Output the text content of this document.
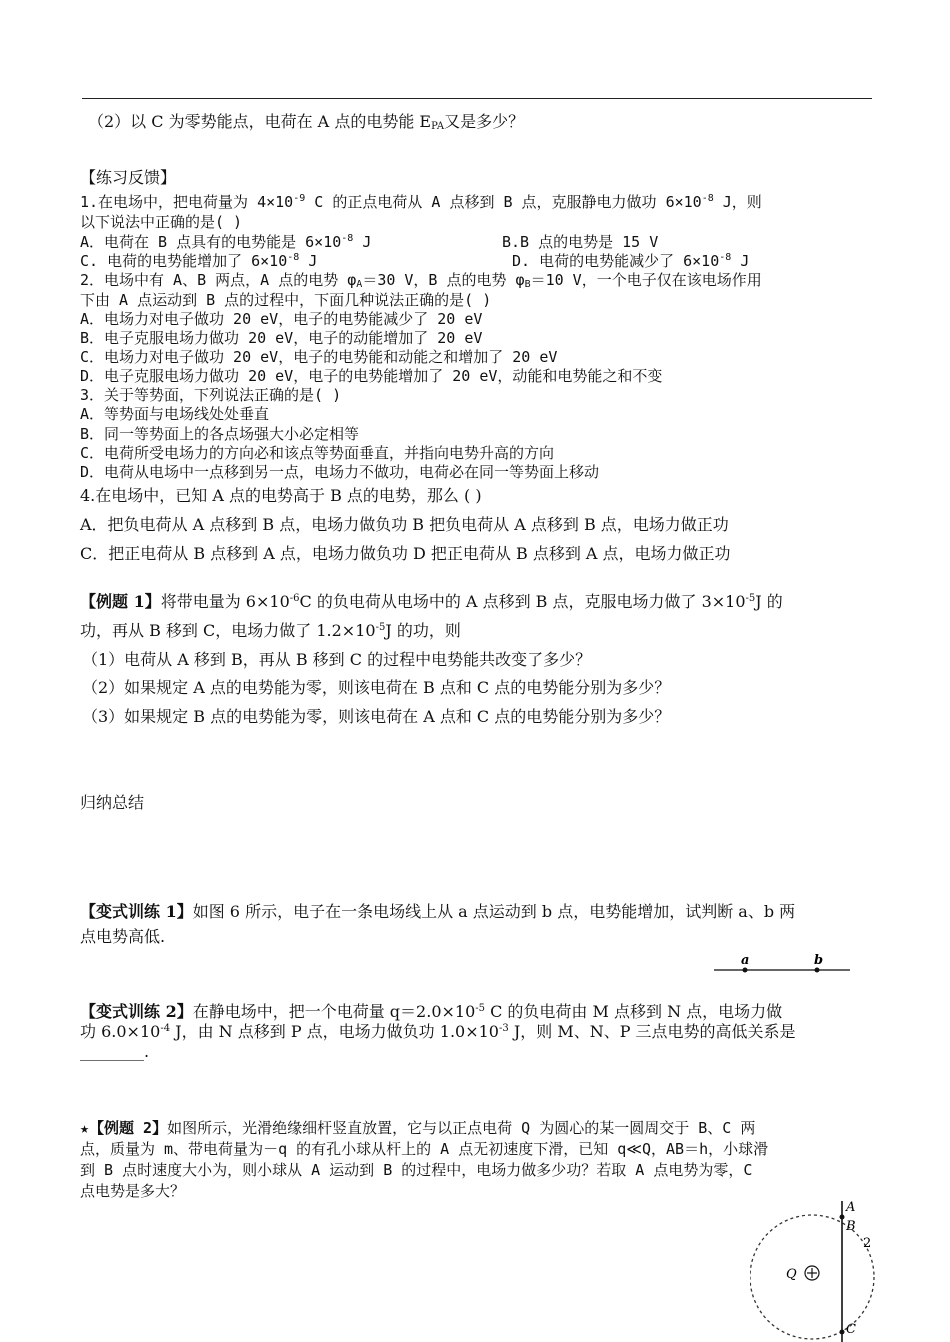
（2）以 C 为零势能点，电荷在 A 点的电势能 $E_{PA}$又是多少？
【练习反馈】
1.在电场中，把电荷量为 $4\times 10^{-9}$ C 的正点电荷从 A 点移到 B 点，克服静电力做功 $6\times 10^{-8}$ J，则
以下说法中正确的是( )
A．电荷在 B 点具有的电势能是 $6\times 10^{-8}$ J	B.B 点的电势是 15 V
C. 电荷的电势能增加了 $6\times 10^{-8}$ J	D. 电荷的电势能减少了 $6\times 10^{-8}$ J
2．电场中有 A、B 两点，A 点的电势 $\varphi_A=30$ V，B 点的电势 $\varphi_B=10$ V，一个电子仅在该电场作用
下由 A 点运动到 B 点的过程中，下面几种说法正确的是( )
A．电场力对电子做功 20 eV，电子的电势能减少了 20 eV
B．电子克服电场力做功 20 eV，电子的动能增加了 20 eV
C．电场力对电子做功 20 eV，电子的电势能和动能之和增加了 20 eV
D．电子克服电场力做功 20 eV，电子的电势能增加了 20 eV，动能和电势能之和不变
3．关于等势面，下列说法正确的是( )
A．等势面与电场线处处垂直
B．同一等势面上的各点场强大小必定相等
C．电荷所受电场力的方向必和该点等势面垂直，并指向电势升高的方向
D．电荷从电场中一点移到另一点，电场力不做功，电荷必在同一等势面上移动
4.在电场中，已知 A 点的电势高于 B 点的电势，那么 ( )
A．把负电荷从 A 点移到 B 点，电场力做负功 B 把负电荷从 A 点移到 B 点，电场力做正功
C．把正电荷从 B 点移到 A 点，电场力做负功 D 把正电荷从 B 点移到 A 点，电场力做正功
【例题 1】将带电量为 $6\times 10^{-6}C$ 的负电荷从电场中的 A 点移到 B 点，克服电场力做了 $3\times 10^{-5}J$ 的
功，再从 B 移到 C，电场力做了 $1.2\times 10^{-5}J$ 的功，则
（1）电荷从 A 移到 B，再从 B 移到 C 的过程中电势能共改变了多少？
（2）如果规定 A 点的电势能为零，则该电荷在 B 点和 C 点的电势能分别为多少？
（3）如果规定 B 点的电势能为零，则该电荷在 A 点和 C 点的电势能分别为多少？
归纳总结
【变式训练 1】如图 6 所示，电子在一条电场线上从 a 点运动到 b 点，电势能增加，试判断 a、b 两
点电势高低.
a	b
【变式训练 2】在静电场中，把一个电荷量 $q=2.0\times 10^{-5}$ C 的负电荷由 M 点移到 N 点，电场力做
功 $6.0\times 10^{-4}$ J，由 N 点移到 P 点，电场力做负功 $1.0\times 10^{-3}$ J，则 M、N、P 三点电势的高低关系是
________.
★【例题 2】如图所示，光滑绝缘细杆竖直放置，它与以正点电荷 Q 为圆心的某一圆周交于 B、C 两
点，质量为 m、带电荷量为－q 的有孔小球从杆上的 A 点无初速度下滑，已知 q≪Q，AB＝h，小球滑
到 B 点时速度大小为，则小球从 A 运动到 B 的过程中，电场力做多少功？若取 A 点电势为零，C
点电势是多大？
A
B
C
Q
2
